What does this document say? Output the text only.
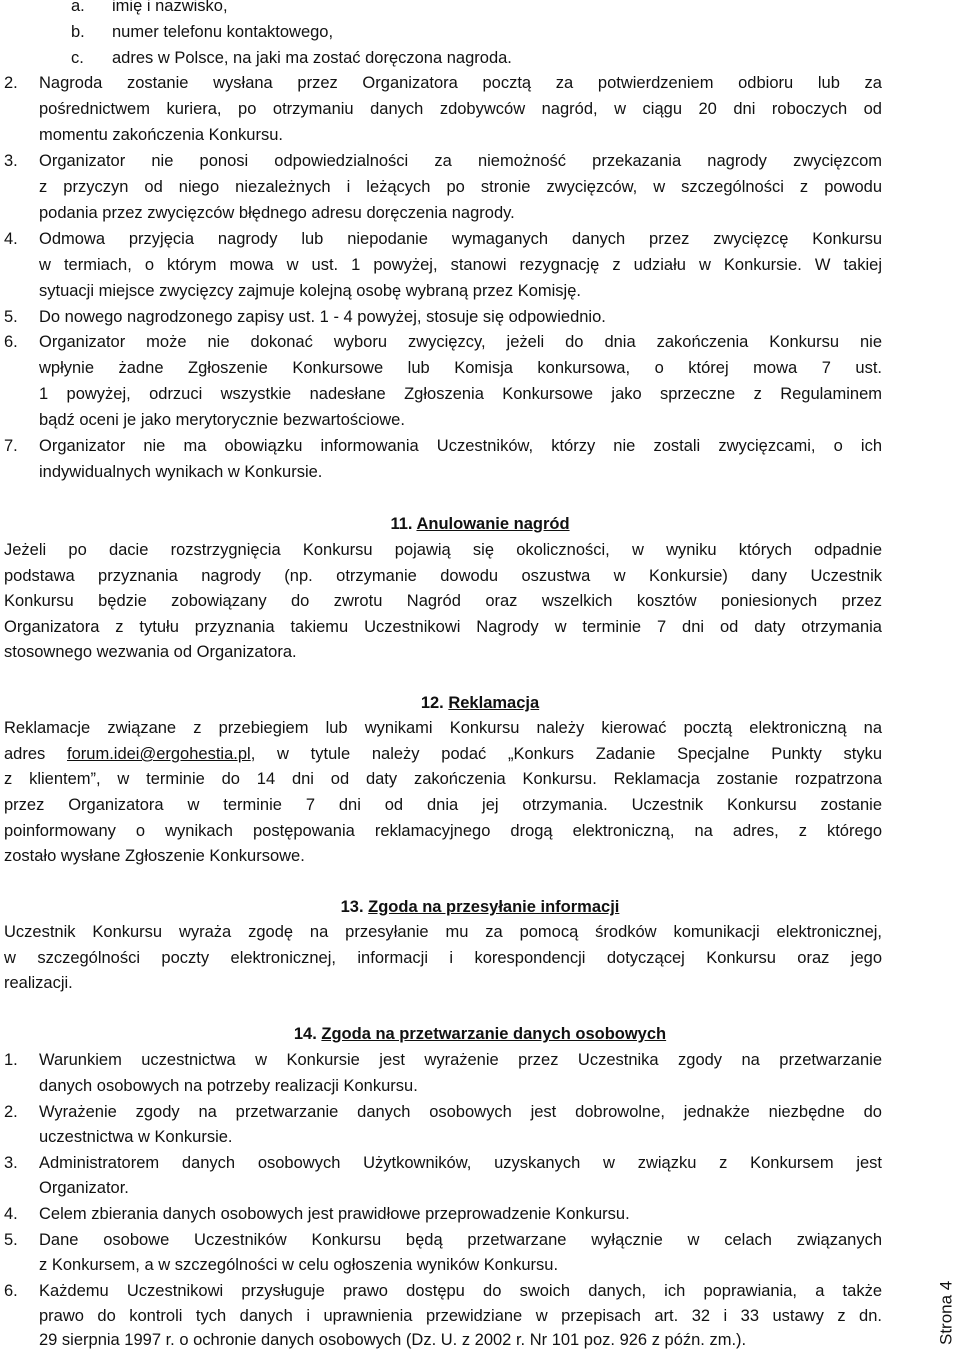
a. imię i nazwisko,
b. numer telefonu kontaktowego,
c. adres w Polsce, na jaki ma zostać doręczona nagroda.
2. Nagroda zostanie wysłana przez Organizatora pocztą za potwierdzeniem odbioru lub za
pośrednictwem kuriera, po otrzymaniu danych zdobywców nagród, w ciągu 20 dni roboczych od
momentu zakończenia Konkursu.
3. Organizator nie ponosi odpowiedzialności za niemożność przekazania nagrody zwycięzcom
z przyczyn od niego niezależnych i leżących po stronie zwycięzców, w szczególności z powodu
podania przez zwycięzców błędnego adresu doręczenia nagrody.
4. Odmowa przyjęcia nagrody lub niepodanie wymaganych danych przez zwycięzcę Konkursu
w termiach, o którym mowa w ust. 1 powyżej, stanowi rezygnację z udziału w Konkursie. W takiej
sytuacji miejsce zwycięzcy zajmuje kolejną osobę wybraną przez Komisję.
5. Do nowego nagrodzonego zapisy ust. 1 - 4 powyżej, stosuje się odpowiednio.
6. Organizator może nie dokonać wyboru zwycięzcy, jeżeli do dnia zakończenia Konkursu nie
wpłynie żadne Zgłoszenie Konkursowe lub Komisja konkursowa, o której mowa 7 ust.
1 powyżej, odrzuci wszystkie nadesłane Zgłoszenia Konkursowe jako sprzeczne z Regulaminem
bądź oceni je jako merytorycznie bezwartościowe.
7. Organizator nie ma obowiązku informowania Uczestników, którzy nie zostali zwycięzcami, o ich
indywidualnych wynikach w Konkursie.
11. Anulowanie nagród
Jeżeli po dacie rozstrzygnięcia Konkursu pojawią się okoliczności, w wyniku których odpadnie
podstawa przyznania nagrody (np. otrzymanie dowodu oszustwa w Konkursie) dany Uczestnik
Konkursu będzie zobowiązany do zwrotu Nagród oraz wszelkich kosztów poniesionych przez
Organizatora z tytułu przyznania takiemu Uczestnikowi Nagrody w terminie 7 dni od daty otrzymania
stosownego wezwania od Organizatora.
12. Reklamacja
Reklamacje związane z przebiegiem lub wynikami Konkursu należy kierować pocztą elektroniczną na
adres forum.idei@ergohestia.pl, w tytule należy podać „Konkurs Zadanie Specjalne Punkty styku
z klientem”, w terminie do 14 dni od daty zakończenia Konkursu. Reklamacja zostanie rozpatrzona
przez Organizatora w terminie 7 dni od dnia jej otrzymania. Uczestnik Konkursu zostanie
poinformowany o wynikach postępowania reklamacyjnego drogą elektroniczną, na adres, z którego
zostało wysłane Zgłoszenie Konkursowe.
13. Zgoda na przesyłanie informacji
Uczestnik Konkursu wyraża zgodę na przesyłanie mu za pomocą środków komunikacji elektronicznej,
w szczególności poczty elektronicznej, informacji i korespondencji dotyczącej Konkursu oraz jego
realizacji.
14. Zgoda na przetwarzanie danych osobowych
1. Warunkiem uczestnictwa w Konkursie jest wyrażenie przez Uczestnika zgody na przetwarzanie
danych osobowych na potrzeby realizacji Konkursu.
2. Wyrażenie zgody na przetwarzanie danych osobowych jest dobrowolne, jednakże niezbędne do
uczestnictwa w Konkursie.
3. Administratorem danych osobowych Użytkowników, uzyskanych w związku z Konkursem jest
Organizator.
4. Celem zbierania danych osobowych jest prawidłowe przeprowadzenie Konkursu.
5. Dane osobowe Uczestników Konkursu będą przetwarzane wyłącznie w celach związanych
z Konkursem, a w szczególności w celu ogłoszenia wyników Konkursu.
6. Każdemu Uczestnikowi przysługuje prawo dostępu do swoich danych, ich poprawiania, a także
prawo do kontroli tych danych i uprawnienia przewidziane w przepisach art. 32 i 33 ustawy z dn.
29 sierpnia 1997 r. o ochronie danych osobowych (Dz. U. z 2002 r. Nr 101 poz. 926 z późn. zm.).	Strona 4
